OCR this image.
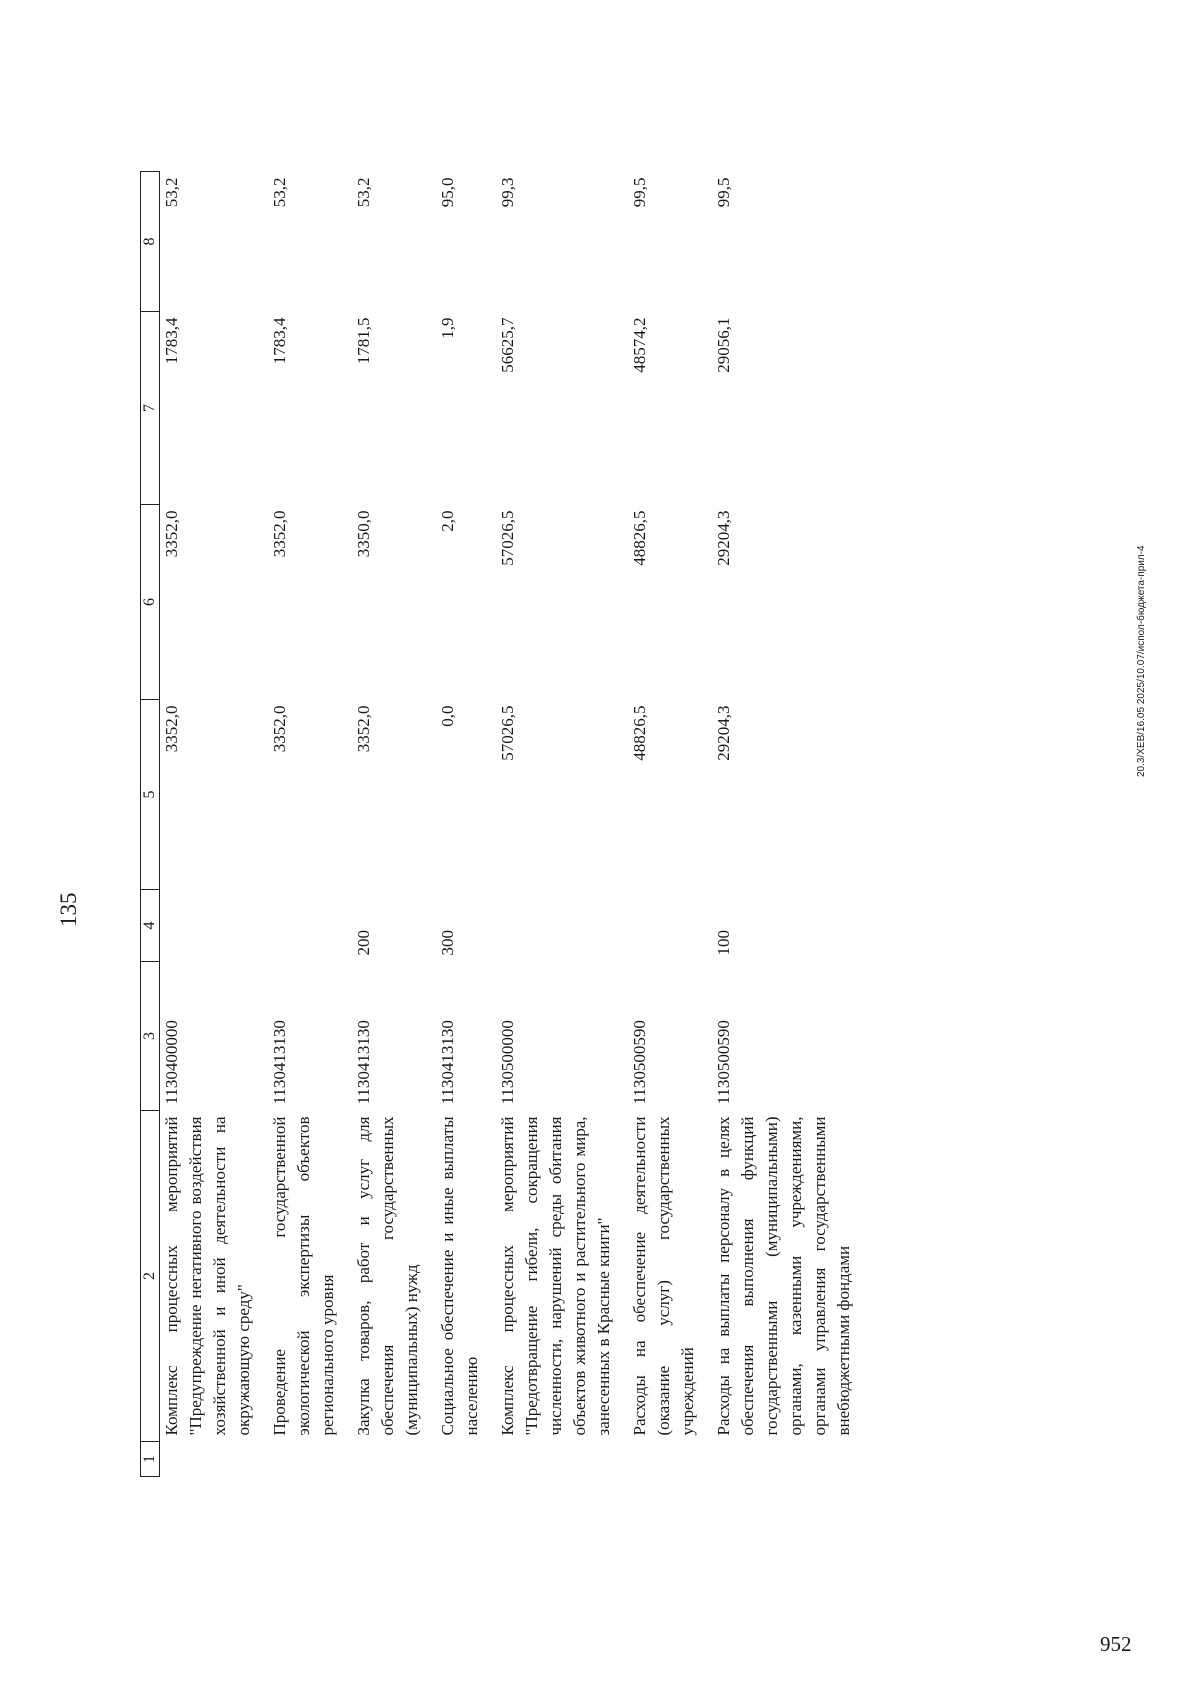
952
135
1	2	3	4	5	6	7	8
	Комплекс процессных мероприятий "Предупреждение негативного воздействия хозяйственной и иной деятельности на окружающую среду"	1130400000		3352,0	3352,0	1783,4	53,2
	Проведение государственной экологической экспертизы объектов регионального уровня	1130413130		3352,0	3352,0	1783,4	53,2
	Закупка товаров, работ и услуг для обеспечения государственных (муниципальных) нужд	1130413130	200	3352,0	3350,0	1781,5	53,2
	Социальное обеспечение и иные выплаты населению	1130413130	300	0,0	2,0	1,9	95,0
	Комплекс процессных мероприятий "Предотвращение гибели, сокращения численности, нарушений среды обитания объектов животного и растительного мира, занесенных в Красные книги"	1130500000		57026,5	57026,5	56625,7	99,3
	Расходы на обеспечение деятельности (оказание услуг) государственных учреждений	1130500590		48826,5	48826,5	48574,2	99,5
	Расходы на выплаты персоналу в целях обеспечения выполнения функций государственными (муниципальными) органами, казенными учреждениями, органами управления государственными внебюджетными фондами	1130500590	100	29204,3	29204,3	29056,1	99,5
20.3/XEB/16.05 2025/10.07/испол-бюджета-прил-4
